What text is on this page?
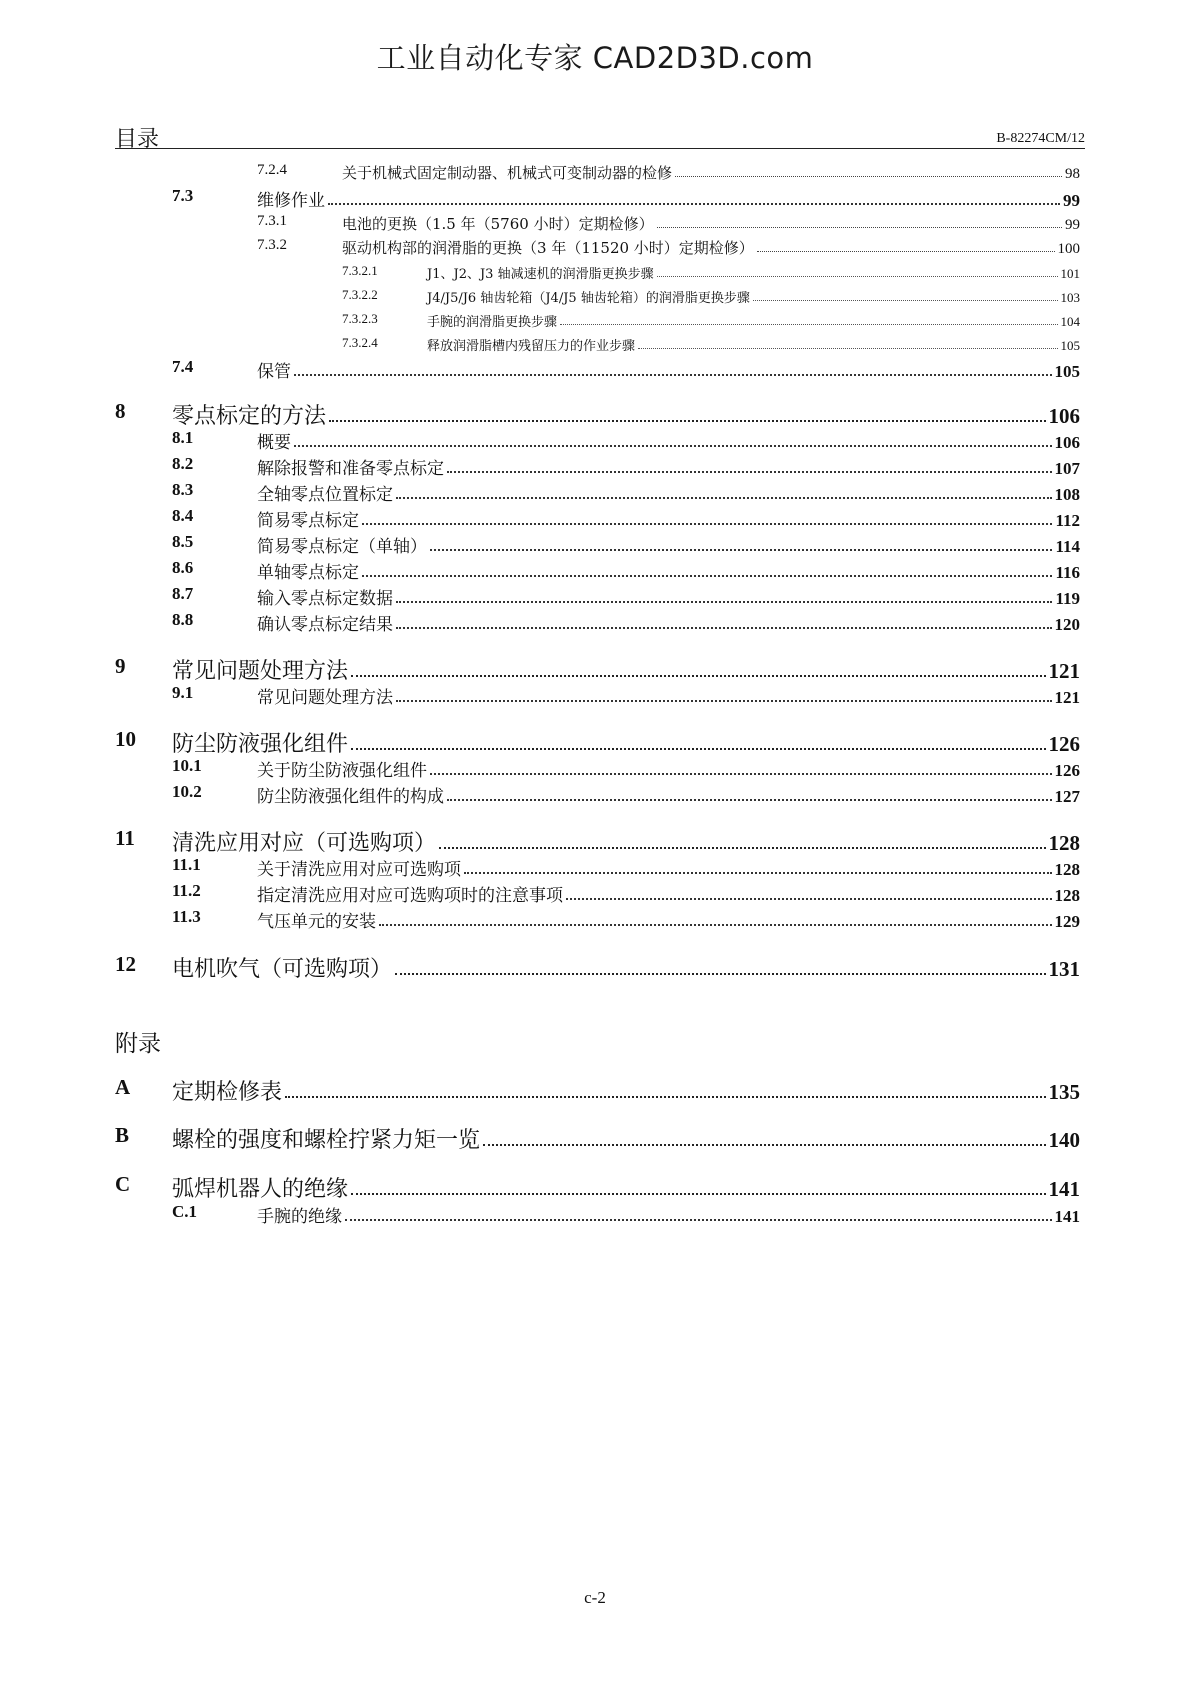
工业自动化专家 CAD2D3D.com
目录	B-82274CM/12
7.2.4	关于机械式固定制动器、机械式可变制动器的检修	98
7.3	维修作业	99
7.3.1	电池的更换（1.5 年（5760 小时）定期检修）	99
7.3.2	驱动机构部的润滑脂的更换（3 年（11520 小时）定期检修）	100
7.3.2.1	J1、J2、J3 轴减速机的润滑脂更换步骤	101
7.3.2.2	J4/J5/J6 轴齿轮箱（J4/J5 轴齿轮箱）的润滑脂更换步骤	103
7.3.2.3	手腕的润滑脂更换步骤	104
7.3.2.4	释放润滑脂槽内残留压力的作业步骤	105
7.4	保管	105
8 零点标定的方法	106
8.1	概要	106
8.2	解除报警和准备零点标定	107
8.3	全轴零点位置标定	108
8.4	简易零点标定	112
8.5	简易零点标定（单轴）	114
8.6	单轴零点标定	116
8.7	输入零点标定数据	119
8.8	确认零点标定结果	120
9 常见问题处理方法	121
9.1	常见问题处理方法	121
10 防尘防液强化组件	126
10.1	关于防尘防液强化组件	126
10.2	防尘防液强化组件的构成	127
11 清洗应用对应（可选购项）	128
11.1	关于清洗应用对应可选购项	128
11.2	指定清洗应用对应可选购项时的注意事项	128
11.3	气压单元的安装	129
12 电机吹气（可选购项）	131
A 定期检修表	135
B 螺栓的强度和螺栓拧紧力矩一览	140
C 弧焊机器人的绝缘	141
C.1	手腕的绝缘	141
附录
c-2
